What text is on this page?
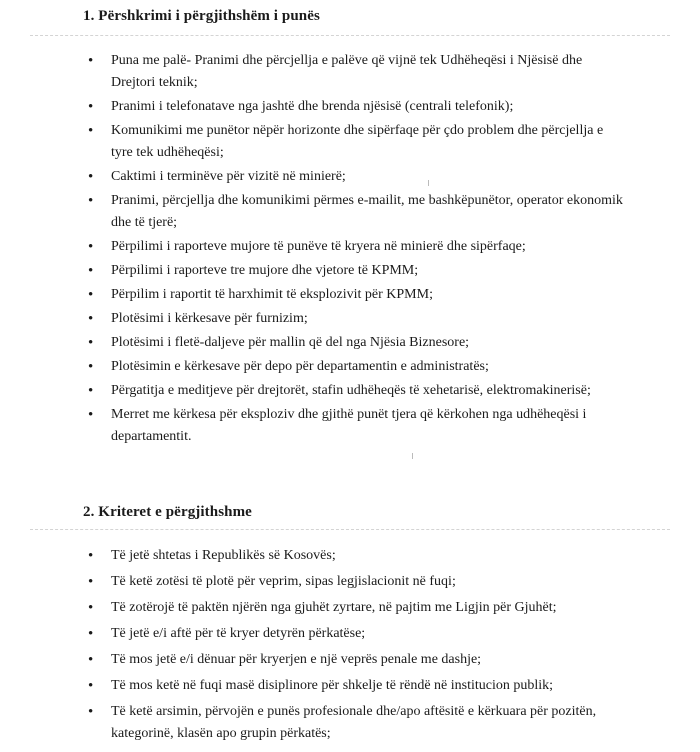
1. Përshkrimi i përgjithshëm i punës
• Puna me palë- Pranimi dhe përcjellja e palëve që vijnë tek Udhëheqësi i Njësisë dhe Drejtori teknik;
• Pranimi i telefonatave nga jashtë dhe brenda njësisë (centrali telefonik);
• Komunikimi me punëtor nëpër horizonte dhe sipërfaqe për çdo problem dhe përcjellja e tyre tek udhëheqësi;
• Caktimi i terminëve për vizitë në minierë;
• Pranimi, përcjellja dhe komunikimi përmes e-mailit, me bashkëpunëtor, operator ekonomik dhe të tjerë;
• Përpilimi i raporteve mujore të punëve të kryera në minierë dhe sipërfaqe;
• Përpilimi i raporteve tre mujore dhe vjetore të KPMM;
• Përpilim i raportit të harxhimit të eksplozivit për KPMM;
• Plotësimi i kërkesave për furnizim;
• Plotësimi i fletë-daljeve për mallin që del nga Njësia Biznesore;
• Plotësimin e kërkesave për depo për departamentin e administratës;
• Përgatitja e meditjeve për drejtorët, stafin udhëheqës të xehetarisë, elektromakinerisë;
• Merret me kërkesa për eksploziv dhe gjithë punët tjera që kërkohen nga udhëheqësi i departamentit.
2. Kriteret e përgjithshme
• Të jetë shtetas i Republikës së Kosovës;
• Të ketë zotësi të plotë për veprim, sipas legjislacionit në fuqi;
• Të zotërojë të paktën njërën nga gjuhët zyrtare, në pajtim me Ligjin për Gjuhët;
• Të jetë e/i aftë për të kryer detyrën përkatëse;
• Të mos jetë e/i dënuar për kryerjen e një veprës penale me dashje;
• Të mos ketë në fuqi masë disiplinore për shkelje të rëndë në institucion publik;
• Të ketë arsimin, përvojën e punës profesionale dhe/apo aftësitë e kërkuara për pozitën, kategorinë, klasën apo grupin përkatës;
